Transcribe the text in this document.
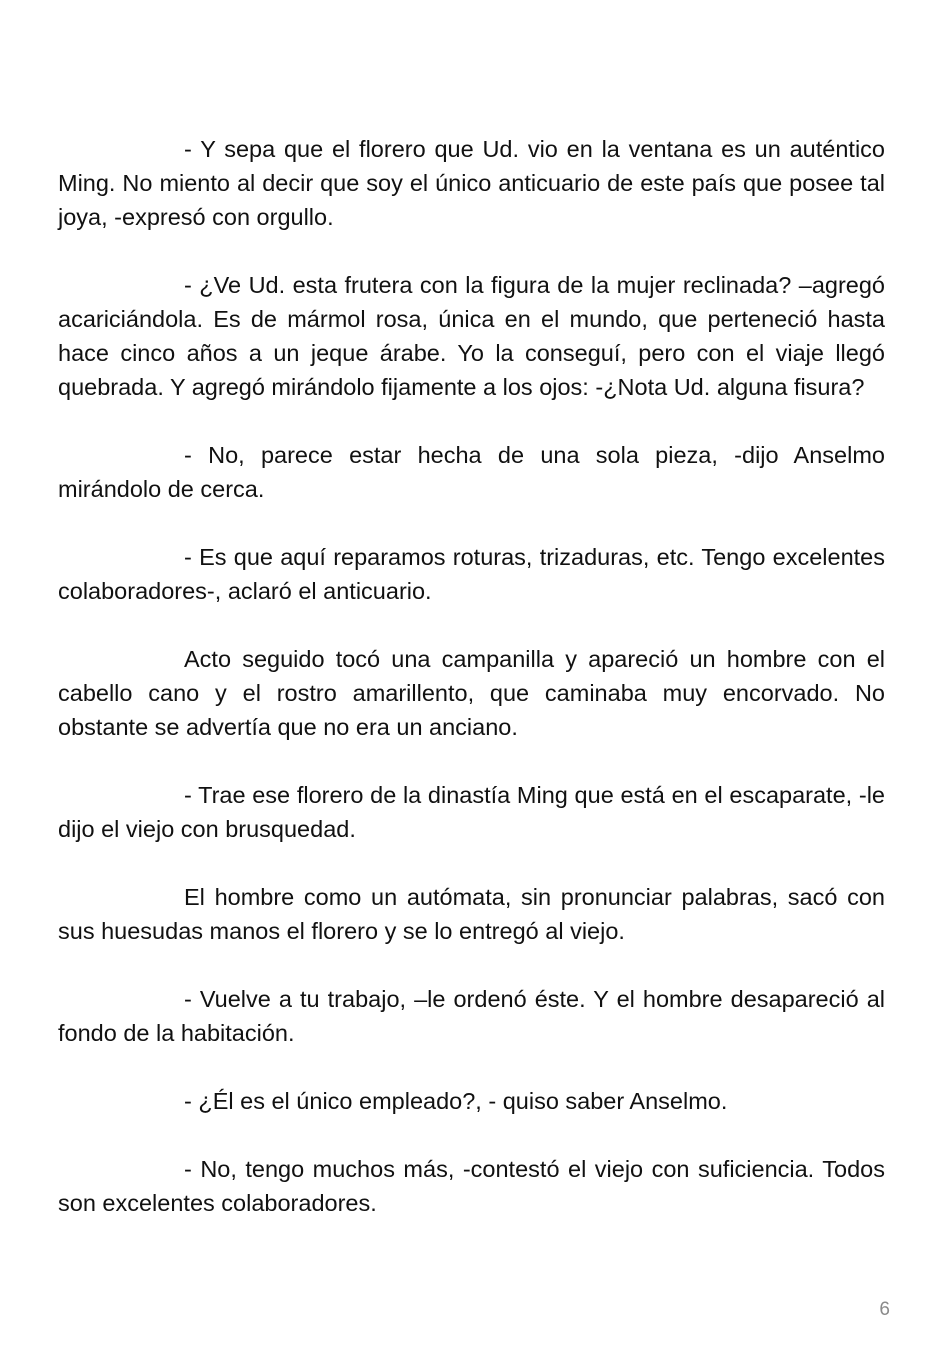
- Y sepa que el florero que Ud. vio en la ventana es un auténtico Ming. No miento al decir que soy el único anticuario de este país que posee tal joya, -expresó con orgullo.

- ¿Ve Ud. esta frutera con la figura de la mujer reclinada? –agregó acariciándola. Es de mármol rosa, única en el mundo, que perteneció hasta hace cinco años a un jeque árabe. Yo la conseguí, pero con el viaje llegó quebrada. Y agregó mirándolo fijamente a los ojos: -¿Nota Ud. alguna fisura?

- No, parece estar hecha de una sola pieza, -dijo Anselmo mirándolo de cerca.

- Es que aquí reparamos roturas, trizaduras, etc. Tengo excelentes colaboradores-, aclaró el anticuario.

Acto seguido tocó una campanilla y apareció un hombre con el cabello cano y el rostro amarillento, que caminaba muy encorvado. No obstante se advertía que no era un anciano.

- Trae ese florero de la dinastía Ming que está en el escaparate, -le dijo el viejo con brusquedad.

El hombre como un autómata, sin pronunciar palabras, sacó con sus huesudas manos el florero y se lo entregó al viejo.

- Vuelve a tu trabajo, –le ordenó éste. Y el hombre desapareció al fondo de la habitación.

- ¿Él es el único empleado?, - quiso saber Anselmo.

- No, tengo muchos más, -contestó el viejo con suficiencia. Todos son excelentes colaboradores.

6
